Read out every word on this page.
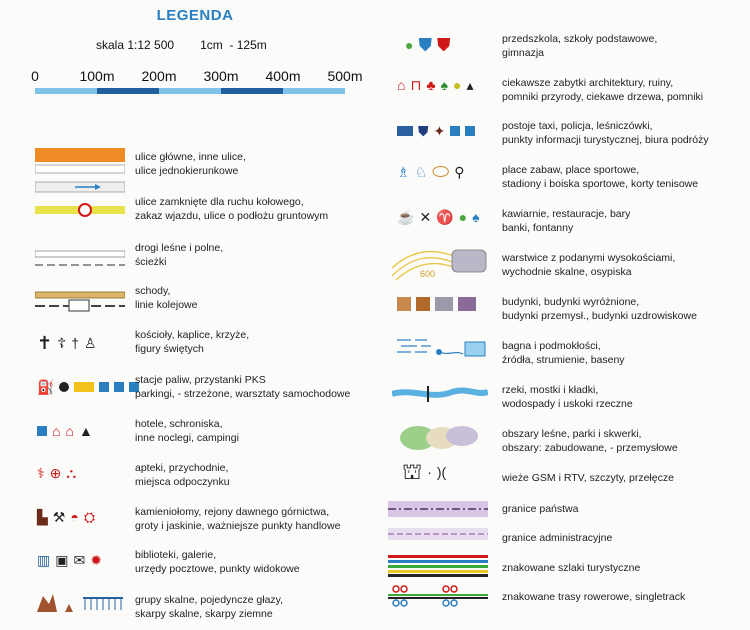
LEGENDA
skala 1:12 500 1cm  - 125m
0	100m 200m 300m 400m 500m
✝ ☦ † ♙
⛽
⌂ ⌂ ▲
⚕ ⊕ ⛬
▙ ⚒ ◓ ⛭
▥ ▣ ✉ ✹
ulice główne, inne ulice,
ulice jednokierunkowe
ulice zamknięte dla ruchu kołowego,
zakaz wjazdu, ulice o podłożu gruntowym
drogi leśne i polne,
ścieżki
schody,
linie kolejowe
kościoły, kaplice, krzyże,
figury świętych
stacje paliw, przystanki PKS
parkingi, - strzeżone, warsztaty samochodowe
hotele, schroniska,
inne noclegi, campingi
apteki, przychodnie,
miejsca odpoczynku
kamieniołomy, rejony dawnego górnictwa,
groty i jaskinie, ważniejsze punkty handlowe
biblioteki, galerie,
urzędy pocztowe, punkty widokowe
grupy skalne, pojedyncze głazy,
skarpy skalne, skarpy ziemne
● ⛊ ⛊
⌂ ⊓ ♣ ♠ ● ▴
⛊ ✦
♗ ♘ ⬭ ⚲
☕ ✕ ♈ ● ♠
600
⛫ · )(
przedszkola, szkoły podstawowe,
gimnazja
ciekawsze zabytki architektury, ruiny,
pomniki przyrody, ciekawe drzewa, pomniki
postoje taxi, policja, leśniczówki,
punkty informacji turystycznej, biura podróży
place zabaw, place sportowe,
stadiony i boiska sportowe, korty tenisowe
kawiarnie, restauracje, bary
banki, fontanny
warstwice z podanymi wysokościami,
wychodnie skalne, osypiska
budynki, budynki wyróżnione,
budynki przemysł., budynki uzdrowiskowe
bagna i podmokłości,
źródła, strumienie, baseny
rzeki, mostki i kładki,
wodospady i uskoki rzeczne
obszary leśne, parki i skwerki,
obszary: zabudowane, - przemysłowe
wieże GSM i RTV, szczyty, przełęcze
granice państwa
granice administracyjne
znakowane szlaki turystyczne
znakowane trasy rowerowe, singletrack
